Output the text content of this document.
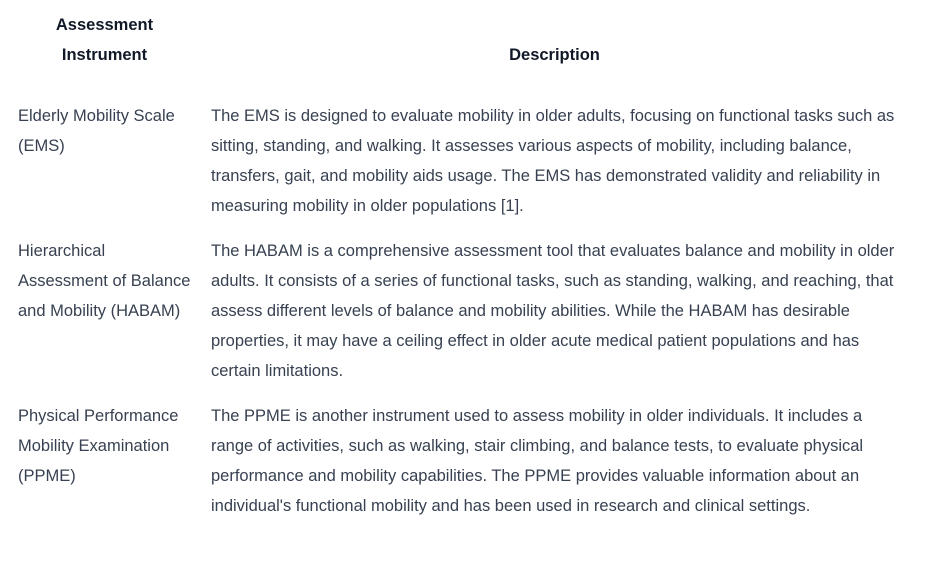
Assessment Instrument	Description
Elderly Mobility Scale (EMS)	The EMS is designed to evaluate mobility in older adults, focusing on functional tasks such as sitting, standing, and walking. It assesses various aspects of mobility, including balance, transfers, gait, and mobility aids usage. The EMS has demonstrated validity and reliability in measuring mobility in older populations [1].
Hierarchical Assessment of Balance and Mobility (HABAM)	The HABAM is a comprehensive assessment tool that evaluates balance and mobility in older adults. It consists of a series of functional tasks, such as standing, walking, and reaching, that assess different levels of balance and mobility abilities. While the HABAM has desirable properties, it may have a ceiling effect in older acute medical patient populations and has certain limitations.
Physical Performance Mobility Examination (PPME)	The PPME is another instrument used to assess mobility in older individuals. It includes a range of activities, such as walking, stair climbing, and balance tests, to evaluate physical performance and mobility capabilities. The PPME provides valuable information about an individual's functional mobility and has been used in research and clinical settings.
